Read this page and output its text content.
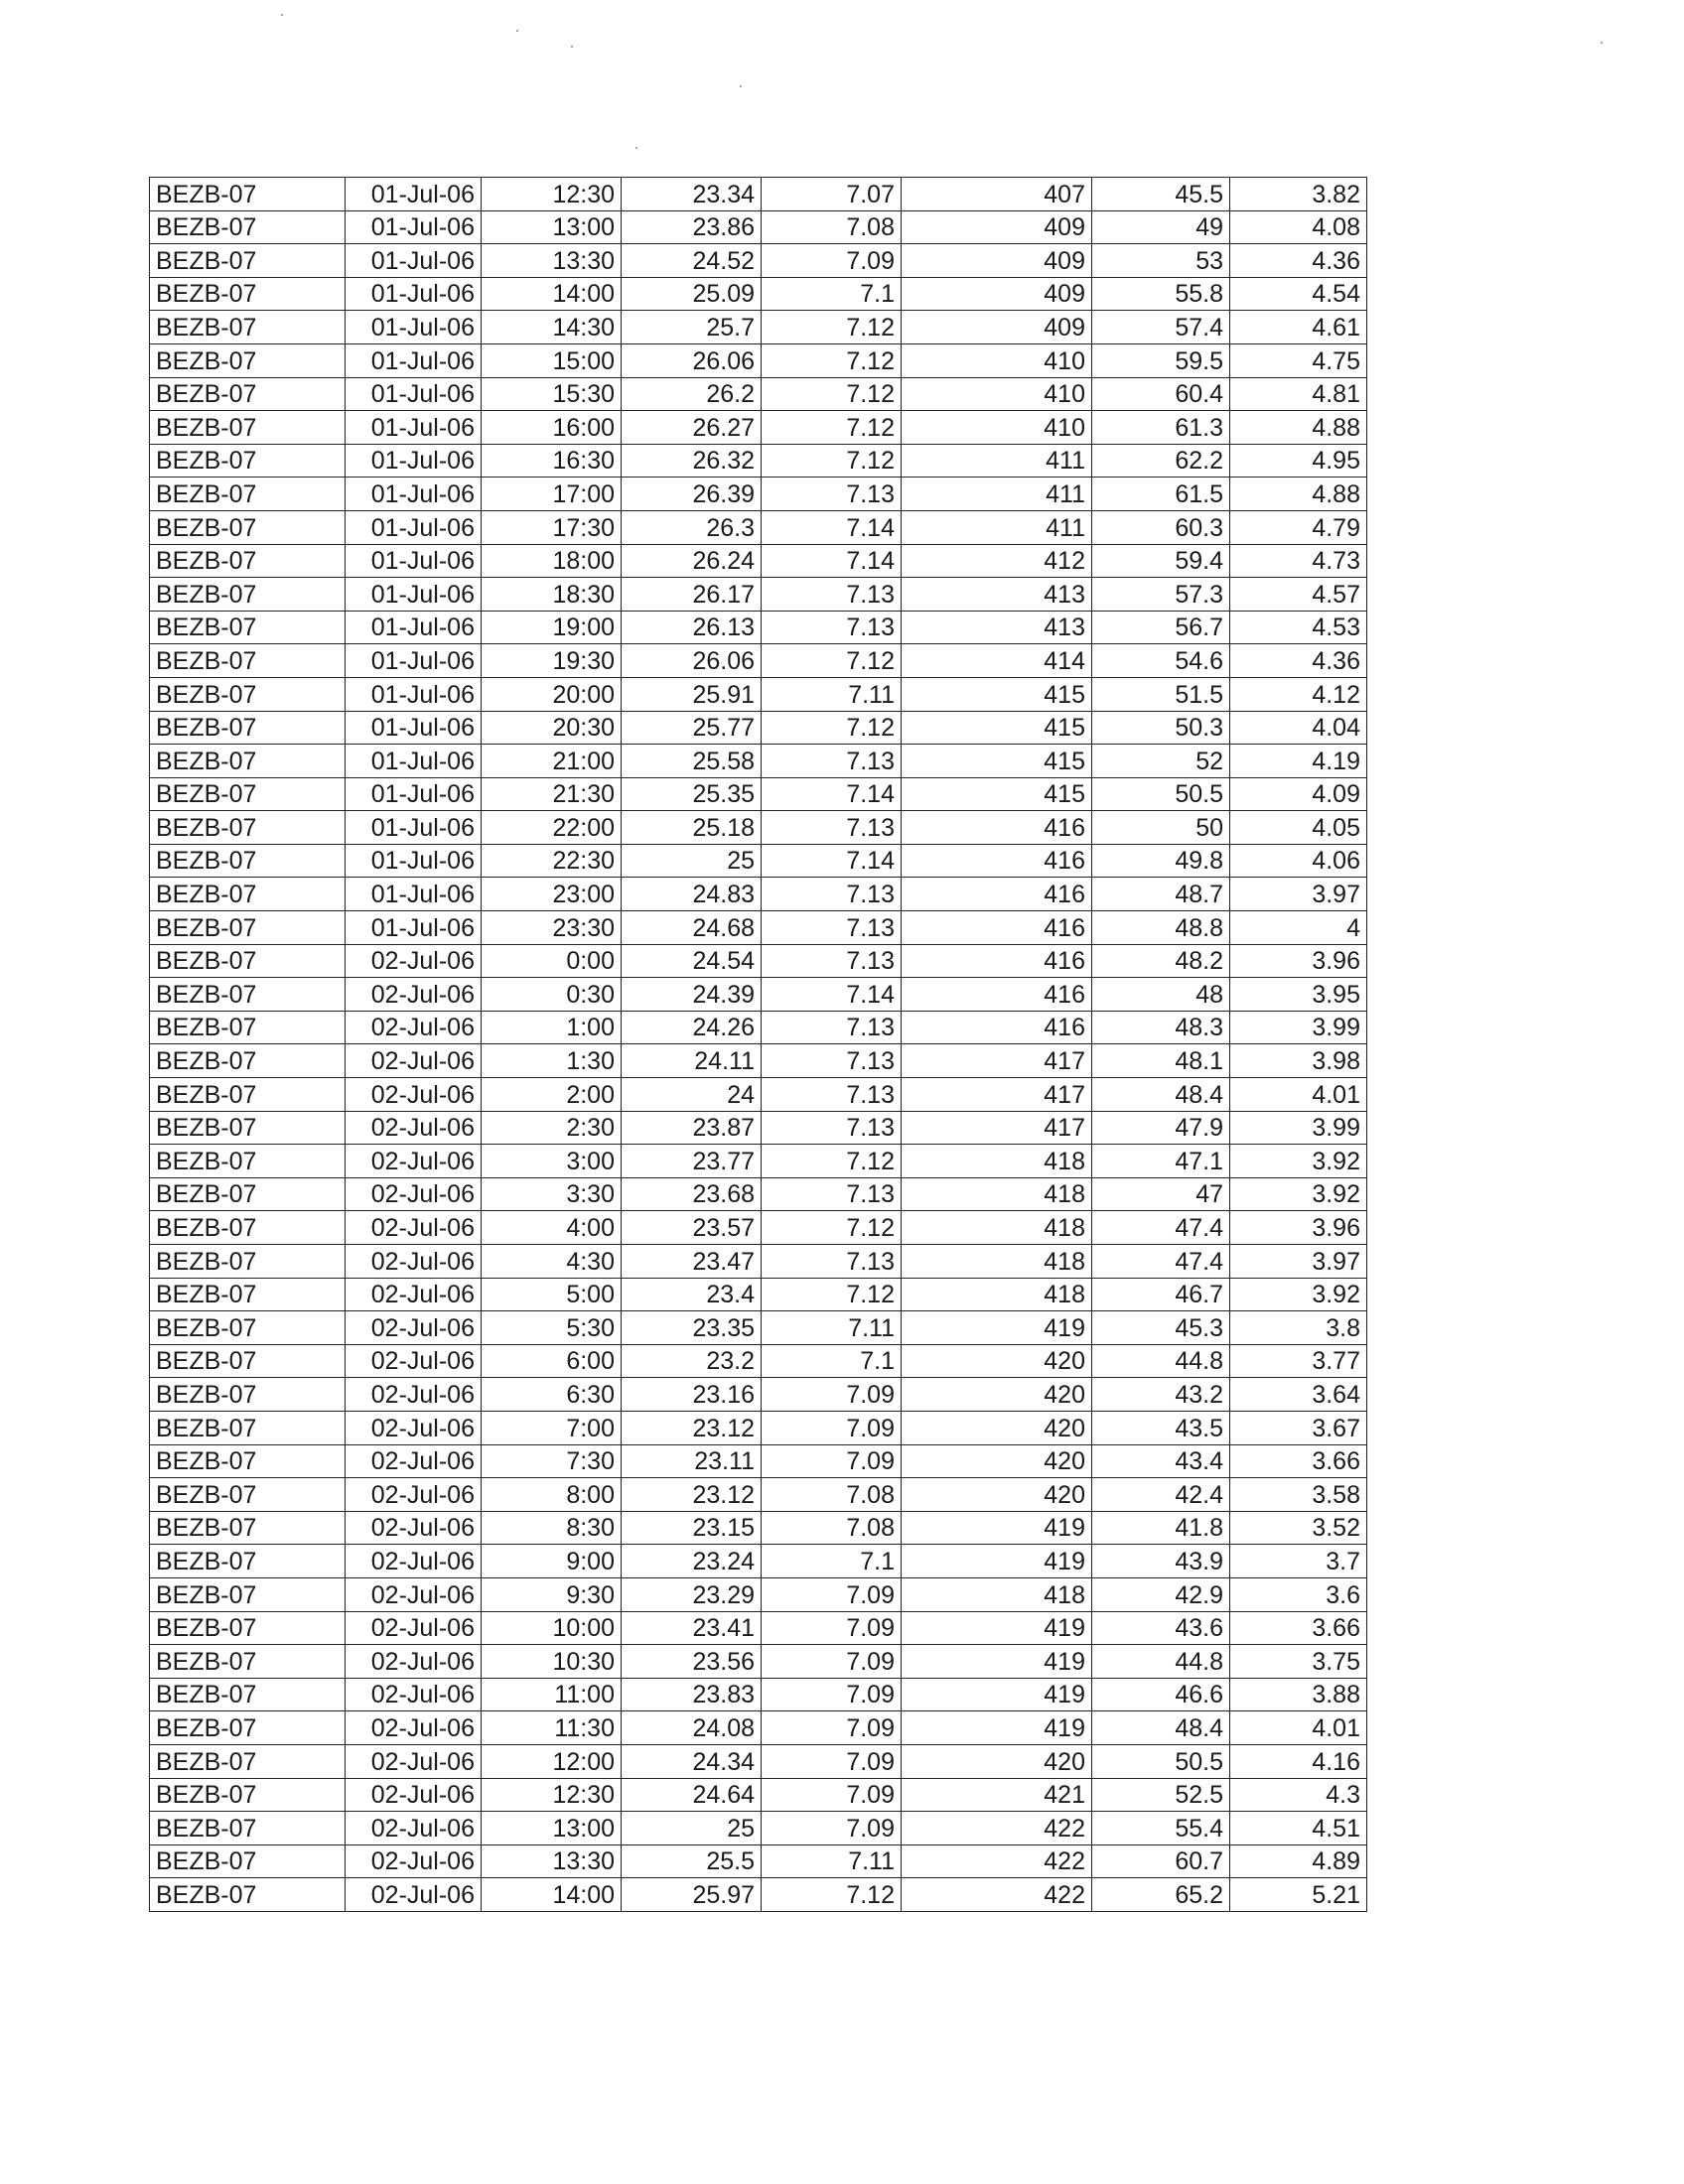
BEZB-07	01-Jul-06	12:30	23.34	7.07	407	45.5	3.82
BEZB-07	01-Jul-06	13:00	23.86	7.08	409	49	4.08
BEZB-07	01-Jul-06	13:30	24.52	7.09	409	53	4.36
BEZB-07	01-Jul-06	14:00	25.09	7.1	409	55.8	4.54
BEZB-07	01-Jul-06	14:30	25.7	7.12	409	57.4	4.61
BEZB-07	01-Jul-06	15:00	26.06	7.12	410	59.5	4.75
BEZB-07	01-Jul-06	15:30	26.2	7.12	410	60.4	4.81
BEZB-07	01-Jul-06	16:00	26.27	7.12	410	61.3	4.88
BEZB-07	01-Jul-06	16:30	26.32	7.12	411	62.2	4.95
BEZB-07	01-Jul-06	17:00	26.39	7.13	411	61.5	4.88
BEZB-07	01-Jul-06	17:30	26.3	7.14	411	60.3	4.79
BEZB-07	01-Jul-06	18:00	26.24	7.14	412	59.4	4.73
BEZB-07	01-Jul-06	18:30	26.17	7.13	413	57.3	4.57
BEZB-07	01-Jul-06	19:00	26.13	7.13	413	56.7	4.53
BEZB-07	01-Jul-06	19:30	26.06	7.12	414	54.6	4.36
BEZB-07	01-Jul-06	20:00	25.91	7.11	415	51.5	4.12
BEZB-07	01-Jul-06	20:30	25.77	7.12	415	50.3	4.04
BEZB-07	01-Jul-06	21:00	25.58	7.13	415	52	4.19
BEZB-07	01-Jul-06	21:30	25.35	7.14	415	50.5	4.09
BEZB-07	01-Jul-06	22:00	25.18	7.13	416	50	4.05
BEZB-07	01-Jul-06	22:30	25	7.14	416	49.8	4.06
BEZB-07	01-Jul-06	23:00	24.83	7.13	416	48.7	3.97
BEZB-07	01-Jul-06	23:30	24.68	7.13	416	48.8	4
BEZB-07	02-Jul-06	0:00	24.54	7.13	416	48.2	3.96
BEZB-07	02-Jul-06	0:30	24.39	7.14	416	48	3.95
BEZB-07	02-Jul-06	1:00	24.26	7.13	416	48.3	3.99
BEZB-07	02-Jul-06	1:30	24.11	7.13	417	48.1	3.98
BEZB-07	02-Jul-06	2:00	24	7.13	417	48.4	4.01
BEZB-07	02-Jul-06	2:30	23.87	7.13	417	47.9	3.99
BEZB-07	02-Jul-06	3:00	23.77	7.12	418	47.1	3.92
BEZB-07	02-Jul-06	3:30	23.68	7.13	418	47	3.92
BEZB-07	02-Jul-06	4:00	23.57	7.12	418	47.4	3.96
BEZB-07	02-Jul-06	4:30	23.47	7.13	418	47.4	3.97
BEZB-07	02-Jul-06	5:00	23.4	7.12	418	46.7	3.92
BEZB-07	02-Jul-06	5:30	23.35	7.11	419	45.3	3.8
BEZB-07	02-Jul-06	6:00	23.2	7.1	420	44.8	3.77
BEZB-07	02-Jul-06	6:30	23.16	7.09	420	43.2	3.64
BEZB-07	02-Jul-06	7:00	23.12	7.09	420	43.5	3.67
BEZB-07	02-Jul-06	7:30	23.11	7.09	420	43.4	3.66
BEZB-07	02-Jul-06	8:00	23.12	7.08	420	42.4	3.58
BEZB-07	02-Jul-06	8:30	23.15	7.08	419	41.8	3.52
BEZB-07	02-Jul-06	9:00	23.24	7.1	419	43.9	3.7
BEZB-07	02-Jul-06	9:30	23.29	7.09	418	42.9	3.6
BEZB-07	02-Jul-06	10:00	23.41	7.09	419	43.6	3.66
BEZB-07	02-Jul-06	10:30	23.56	7.09	419	44.8	3.75
BEZB-07	02-Jul-06	11:00	23.83	7.09	419	46.6	3.88
BEZB-07	02-Jul-06	11:30	24.08	7.09	419	48.4	4.01
BEZB-07	02-Jul-06	12:00	24.34	7.09	420	50.5	4.16
BEZB-07	02-Jul-06	12:30	24.64	7.09	421	52.5	4.3
BEZB-07	02-Jul-06	13:00	25	7.09	422	55.4	4.51
BEZB-07	02-Jul-06	13:30	25.5	7.11	422	60.7	4.89
BEZB-07	02-Jul-06	14:00	25.97	7.12	422	65.2	5.21
